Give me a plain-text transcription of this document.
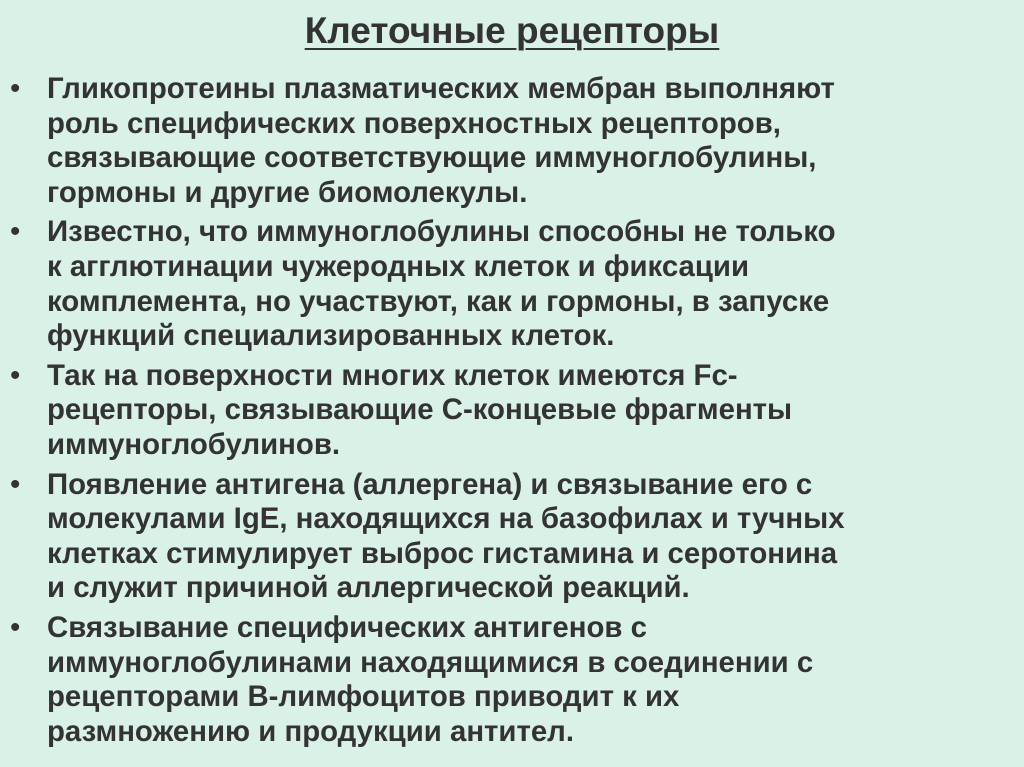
Клеточные рецепторы
• Гликопротеины плазматических мембран выполняют
роль специфических поверхностных рецепторов,
связывающие соответствующие иммуноглобулины,
гормоны и другие биомолекулы.
• Известно, что иммуноглобулины способны не только
к агглютинации чужеродных клеток и фиксации
комплемента, но участвуют, как и гормоны, в запуске
функций специализированных клеток.
• Так на поверхности многих клеток имеются Fc-
рецепторы, связывающие С-концевые фрагменты
иммуноглобулинов.
• Появление антигена (аллергена) и связывание его с
молекулами IgE, находящихся на базофилах и тучных
клетках стимулирует выброс гистамина и серотонина
и служит причиной аллергической реакций.
• Связывание специфических антигенов с
иммуноглобулинами находящимися в соединении с
рецепторами В-лимфоцитов приводит к их
размножению и продукции антител.
